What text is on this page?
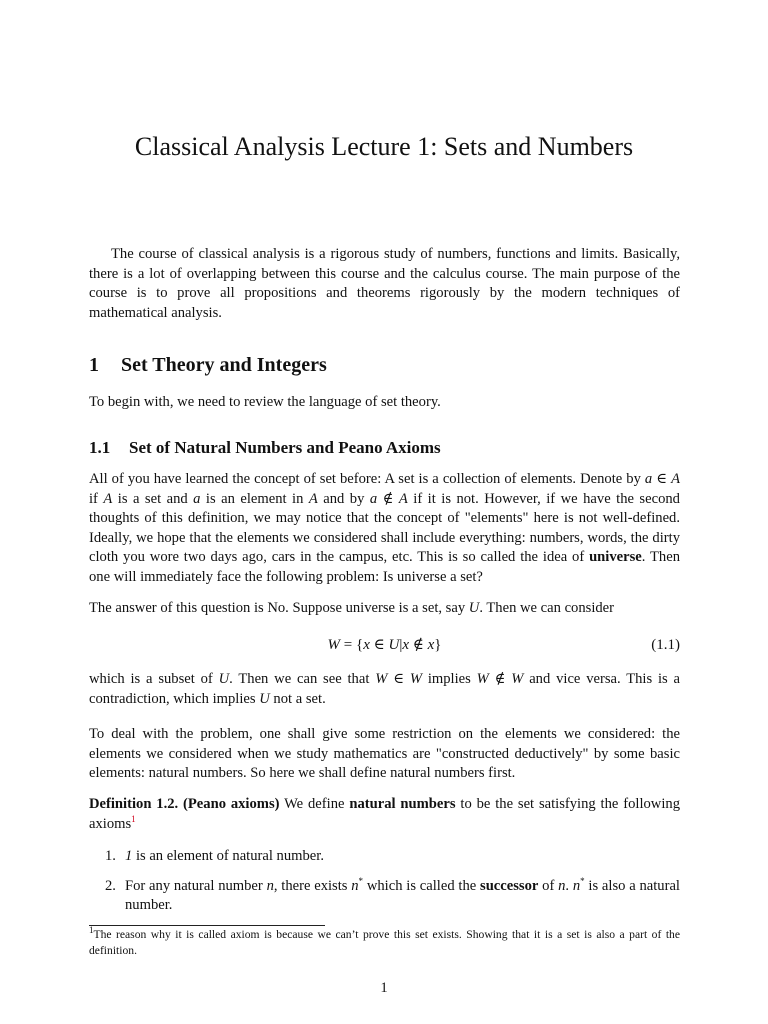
Classical Analysis Lecture 1: Sets and Numbers

The course of classical analysis is a rigorous study of numbers, functions and limits. Basically, there is a lot of overlapping between this course and the calculus course. The main purpose of the course is to prove all propositions and theorems rigorously by the modern techniques of mathematical analysis.

1 Set Theory and Integers

To begin with, we need to review the language of set theory.

1.1 Set of Natural Numbers and Peano Axioms

All of you have learned the concept of set before: A set is a collection of elements. Denote by a ∈ A if A is a set and a is an element in A and by a ∉ A if it is not. However, if we have the second thoughts of this definition, we may notice that the concept of "elements" here is not well-defined. Ideally, we hope that the elements we considered shall include everything: numbers, words, the dirty cloth you wore two days ago, cars in the campus, etc. This is so called the idea of universe. Then one will immediately face the following problem: Is universe a set?

The answer of this question is No. Suppose universe is a set, say U. Then we can consider

W = {x ∈ U|x ∉ x}	(1.1)

which is a subset of U. Then we can see that W ∈ W implies W ∉ W and vice versa. This is a contradiction, which implies U not a set.

To deal with the problem, one shall give some restriction on the elements we considered: the elements we considered when we study mathematics are "constructed deductively" by some basic elements: natural numbers. So here we shall define natural numbers first.

Definition 1.2. (Peano axioms) We define natural numbers to be the set satisfying the following axioms$^1$

1. 1 is an element of natural number.
2. For any natural number n, there exists n* which is called the successor of n. n* is also a natural number.
$^1$The reason why it is called axiom is because we can’t prove this set exists. Showing that it is a set is also a part of the definition.
1
